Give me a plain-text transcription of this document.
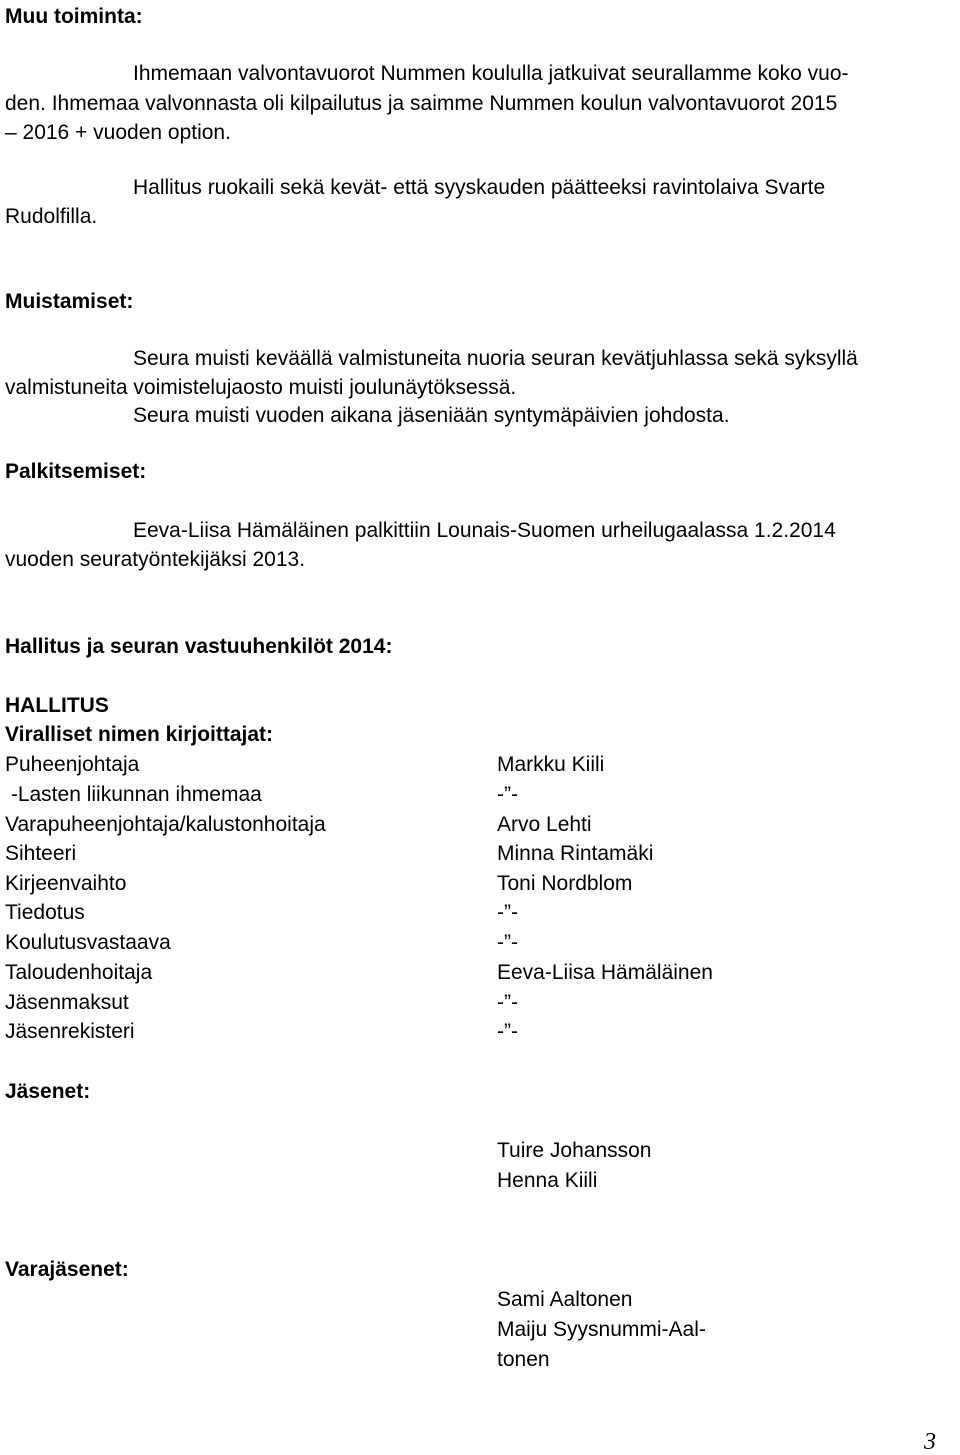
Muu toiminta:
Ihmemaan valvontavuorot Nummen koululla jatkuivat seurallamme koko vuo-
den. Ihmemaa valvonnasta oli kilpailutus ja saimme Nummen koulun valvontavuorot 2015
– 2016 + vuoden option.
Hallitus ruokaili sekä kevät- että syyskauden päätteeksi ravintolaiva Svarte
Rudolfilla.
Muistamiset:
Seura muisti keväällä valmistuneita nuoria seuran kevätjuhlassa sekä syksyllä
valmistuneita voimistelujaosto muisti joulunäytöksessä.
Seura muisti vuoden aikana jäseniään syntymäpäivien johdosta.
Palkitsemiset:
Eeva-Liisa Hämäläinen palkittiin Lounais-Suomen urheilugaalassa 1.2.2014
vuoden seuratyöntekijäksi 2013.
Hallitus ja seuran vastuuhenkilöt 2014:
HALLITUS
Viralliset nimen kirjoittajat:
Puheenjohtaja	Markku Kiili
-Lasten liikunnan ihmemaa	-”-
Varapuheenjohtaja/kalustonhoitaja	Arvo Lehti
Sihteeri	Minna Rintamäki
Kirjeenvaihto	Toni Nordblom
Tiedotus	-”-
Koulutusvastaava	-”-
Taloudenhoitaja	Eeva-Liisa Hämäläinen
Jäsenmaksut	-”-
Jäsenrekisteri	-”-
Jäsenet:
Tuire Johansson
Henna Kiili
Varajäsenet:
Sami Aaltonen
Maiju Syysnummi-Aal-
tonen
3
